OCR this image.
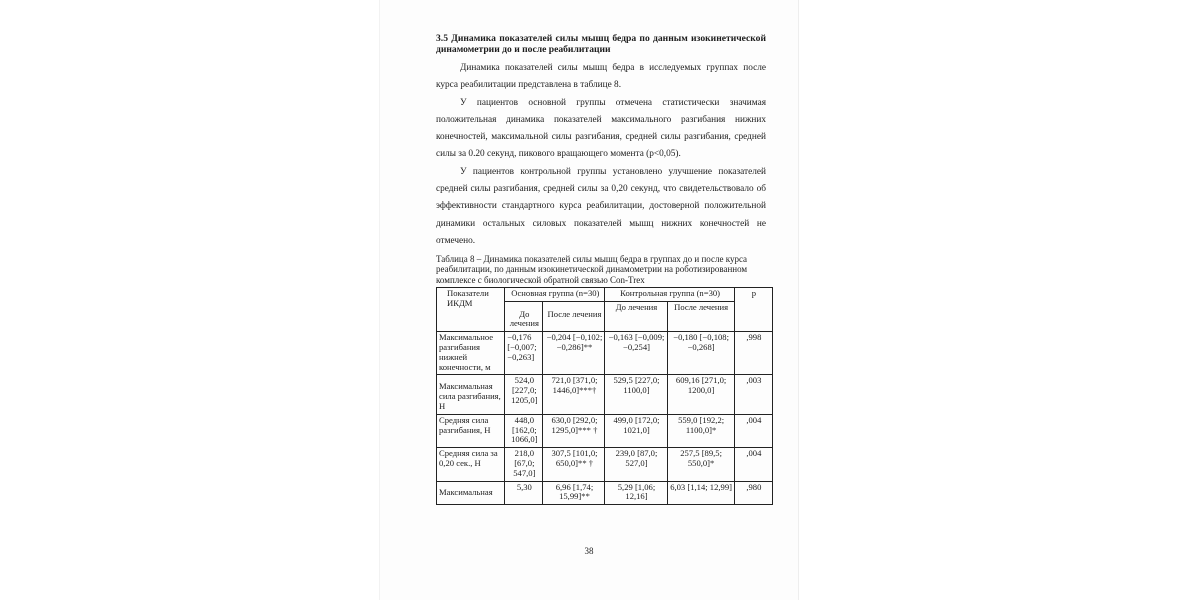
3.5 Динамика показателей силы мышц бедра по данным изокинетической динамометрии до и после реабилитации

Динамика показателей силы мышц бедра в исследуемых группах после курса реабилитации представлена в таблице 8.

У пациентов основной группы отмечена статистически значимая положительная динамика показателей максимального разгибания нижних конечностей, максимальной силы разгибания, средней силы разгибания, средней силы за 0.20 секунд, пикового вращающего момента (p<0,05).

У пациентов контрольной группы установлено улучшение показателей средней силы разгибания, средней силы за 0,20 секунд, что свидетельствовало об эффективности стандартного курса реабилитации, достоверной положительной динамики остальных силовых показателей мышц нижних конечностей не отмечено.

Таблица 8 – Динамика показателей силы мышц бедра в группах до и после курса реабилитации, по данным изокинетической динамометрии на роботизированном комплексе с биологической обратной связью Con-Trex

Показатели ИКДМ	Основная группа (n=30)		Контрольная группа (n=30)		p
	До лечения	После лечения	До лечения	После лечения	
Максимальное разгибания нижней конечности, м	−0,176 [−0,007; −0,263]	−0,204 [−0,102; −0,286]**	−0,163 [−0,009; −0,254]	−0,180 [−0,108; −0,268]	,998
Максимальная сила разгибания, Н	524,0 [227,0; 1205,0]	721,0 [371,0; 1446,0]***†	529,5 [227,0; 1100,0]	609,16 [271,0; 1200,0]	,003
Средняя сила разгибания, Н	448,0 [162,0; 1066,0]	630,0 [292,0; 1295,0]*** †	499,0 [172,0; 1021,0]	559,0 [192,2; 1100,0]*	,004
Средняя сила за 0,20 сек., Н	218,0 [67,0; 547,0]	307,5 [101,0; 650,0]** †	239,0 [87,0; 527,0]	257,5 [89,5; 550,0]*	,004
Максимальная	5,30	6,96 [1,74; 15,99]**	5,29 [1,06; 12,16]	6,03 [1,14; 12,99]	,980
38
